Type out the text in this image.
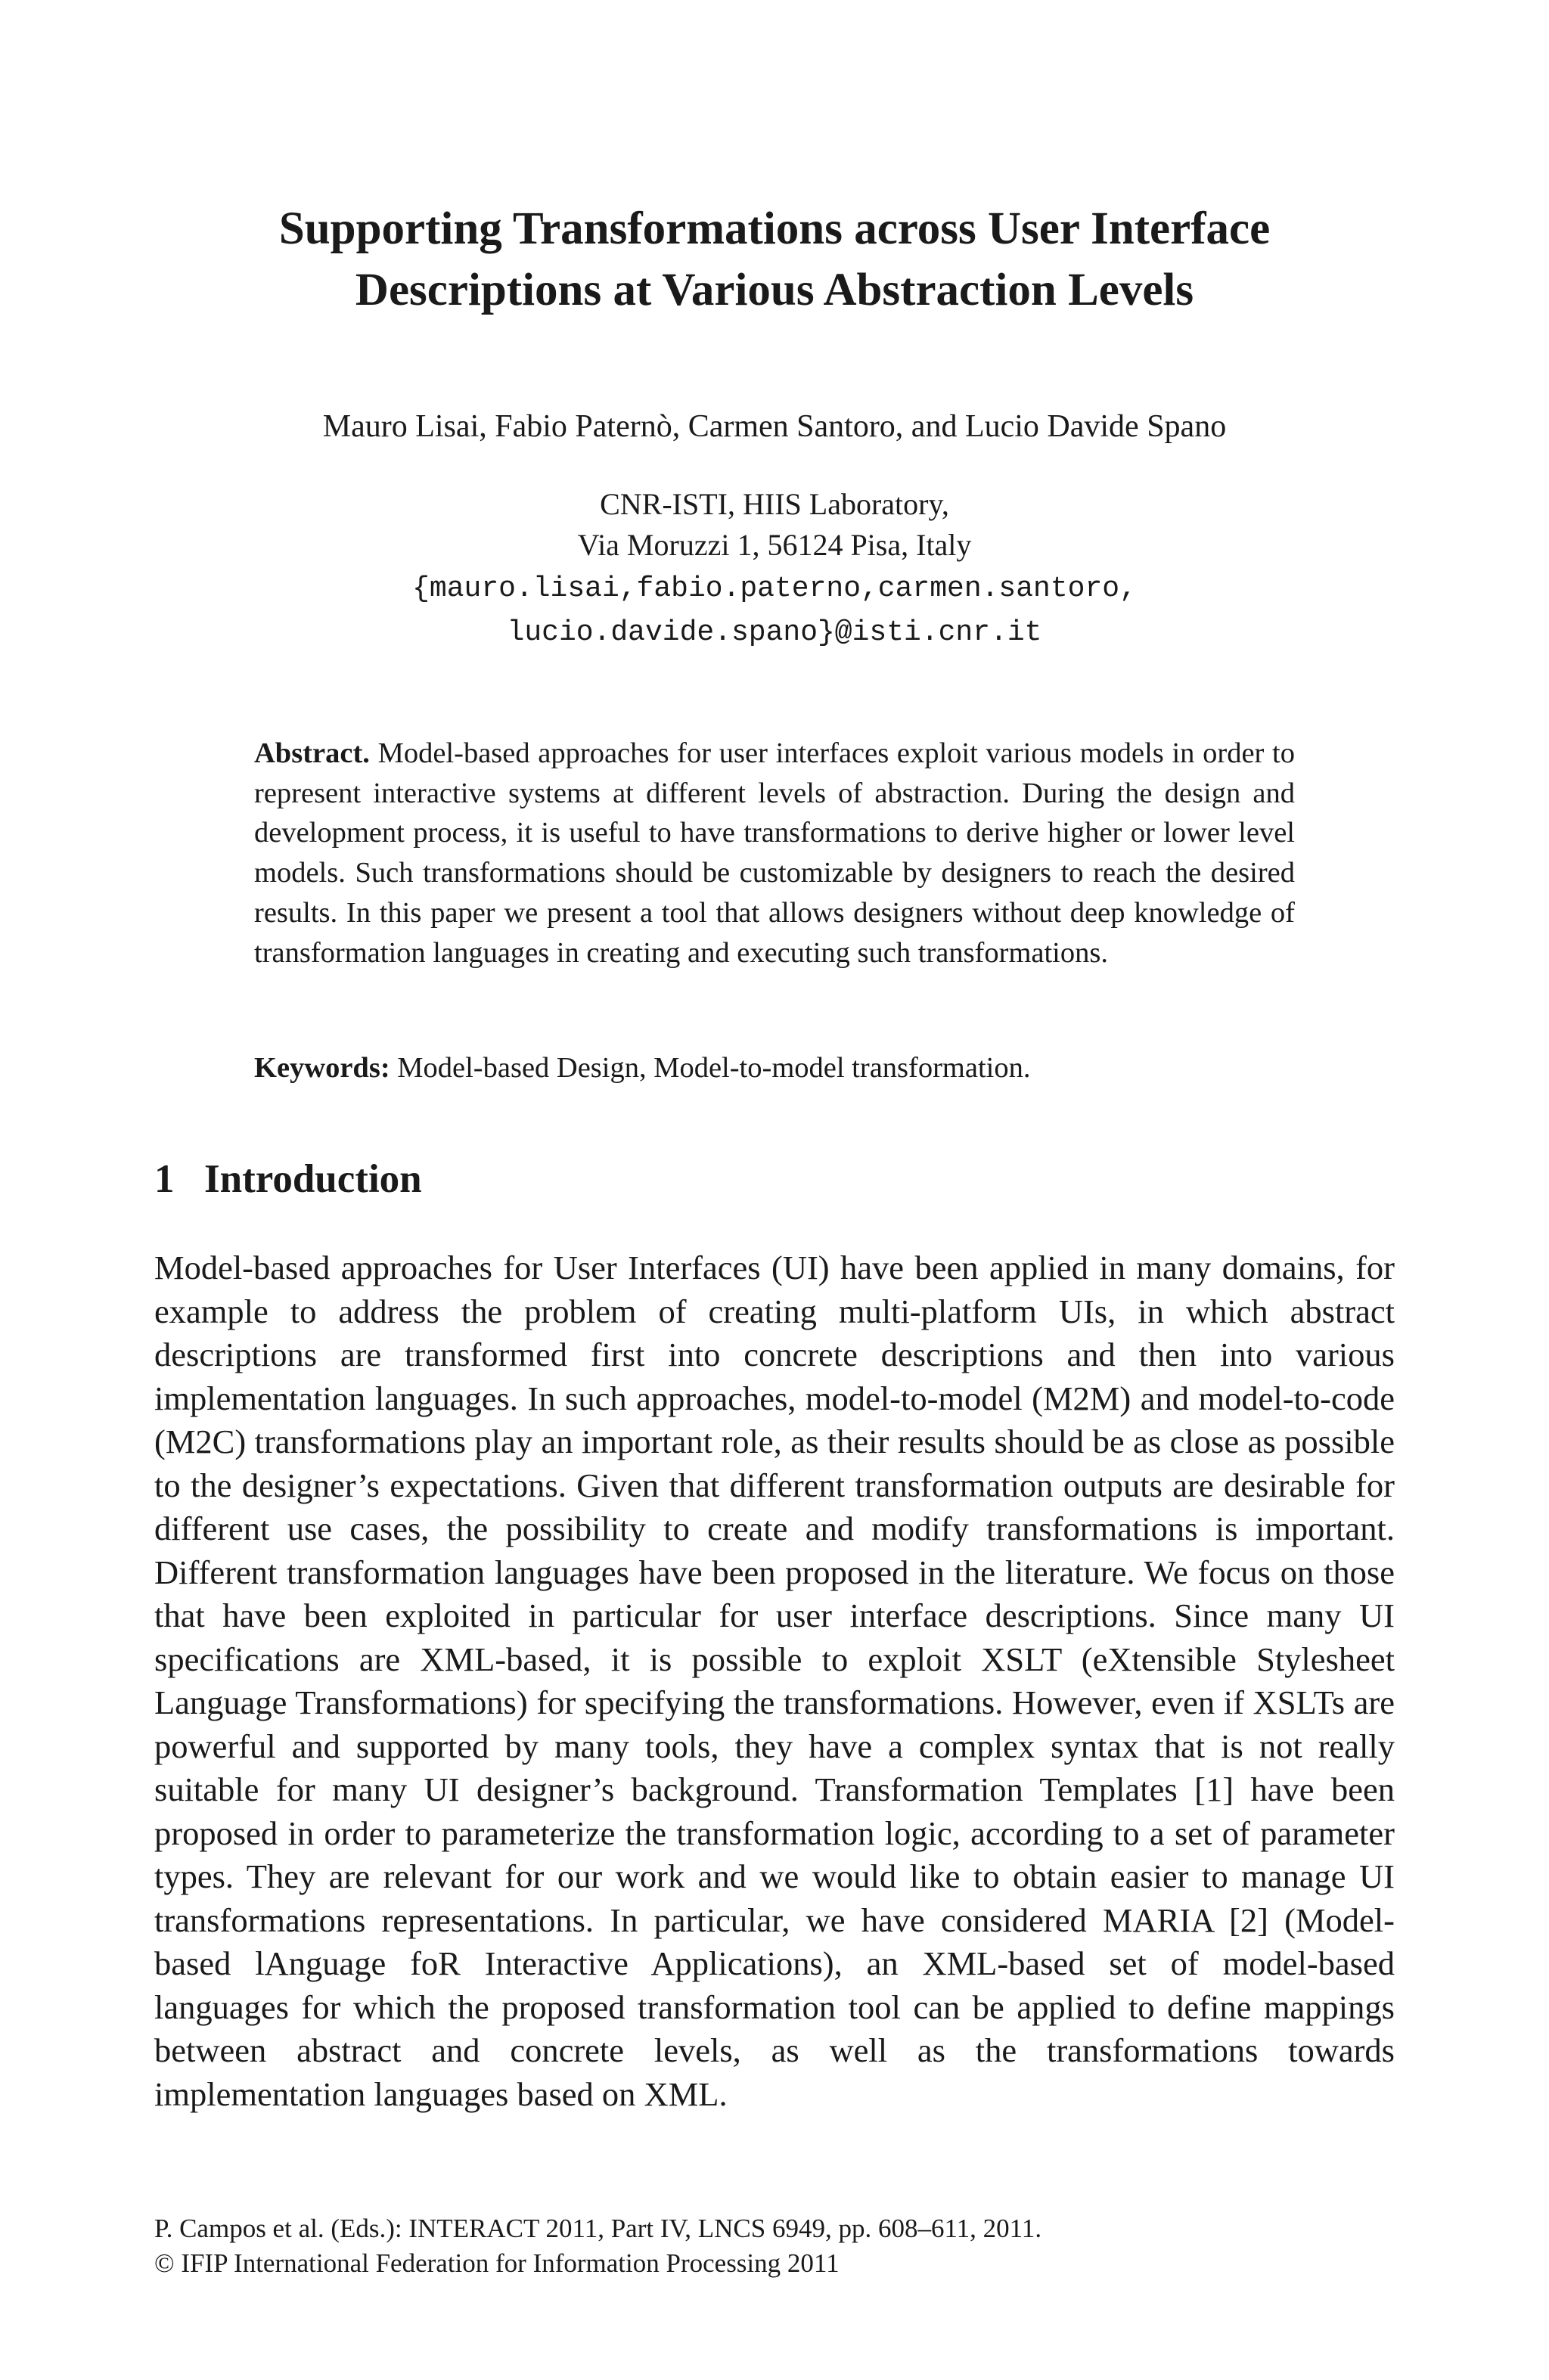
Supporting Transformations across User Interface
Descriptions at Various Abstraction Levels

Mauro Lisai, Fabio Paternò, Carmen Santoro, and Lucio Davide Spano

CNR-ISTI, HIIS Laboratory,
Via Moruzzi 1, 56124 Pisa, Italy
{mauro.lisai,fabio.paterno,carmen.santoro,
lucio.davide.spano}@isti.cnr.it

Abstract. Model-based approaches for user interfaces exploit various models in order to represent interactive systems at different levels of abstraction. During the design and development process, it is useful to have transformations to derive higher or lower level models. Such transformations should be customizable by designers to reach the desired results. In this paper we present a tool that allows designers without deep knowledge of transformation languages in creating and executing such transformations.

Keywords: Model-based Design, Model-to-model transformation.

1 Introduction

Model-based approaches for User Interfaces (UI) have been applied in many domains, for example to address the problem of creating multi-platform UIs, in which abstract descriptions are transformed first into concrete descriptions and then into various implementation languages. In such approaches, model-to-model (M2M) and model-to-code (M2C) transformations play an important role, as their results should be as close as possible to the designer’s expectations. Given that different transformation outputs are desirable for different use cases, the possibility to create and modify transformations is important. Different transformation languages have been proposed in the literature. We focus on those that have been exploited in particular for user interface descriptions. Since many UI specifications are XML-based, it is possible to exploit XSLT (eXtensible Stylesheet Language Transformations) for specifying the transformations. However, even if XSLTs are powerful and supported by many tools, they have a complex syntax that is not really suitable for many UI designer’s background. Transformation Templates [1] have been proposed in order to parameterize the transformation logic, according to a set of parameter types. They are relevant for our work and we would like to obtain easier to manage UI transformations representations. In particular, we have considered MARIA [2] (Model-based lAnguage foR Interactive Applications), an XML-based set of model-based languages for which the proposed transformation tool can be applied to define mappings between abstract and concrete levels, as well as the transformations towards implementation languages based on XML.

P. Campos et al. (Eds.): INTERACT 2011, Part IV, LNCS 6949, pp. 608–611, 2011.
© IFIP International Federation for Information Processing 2011
